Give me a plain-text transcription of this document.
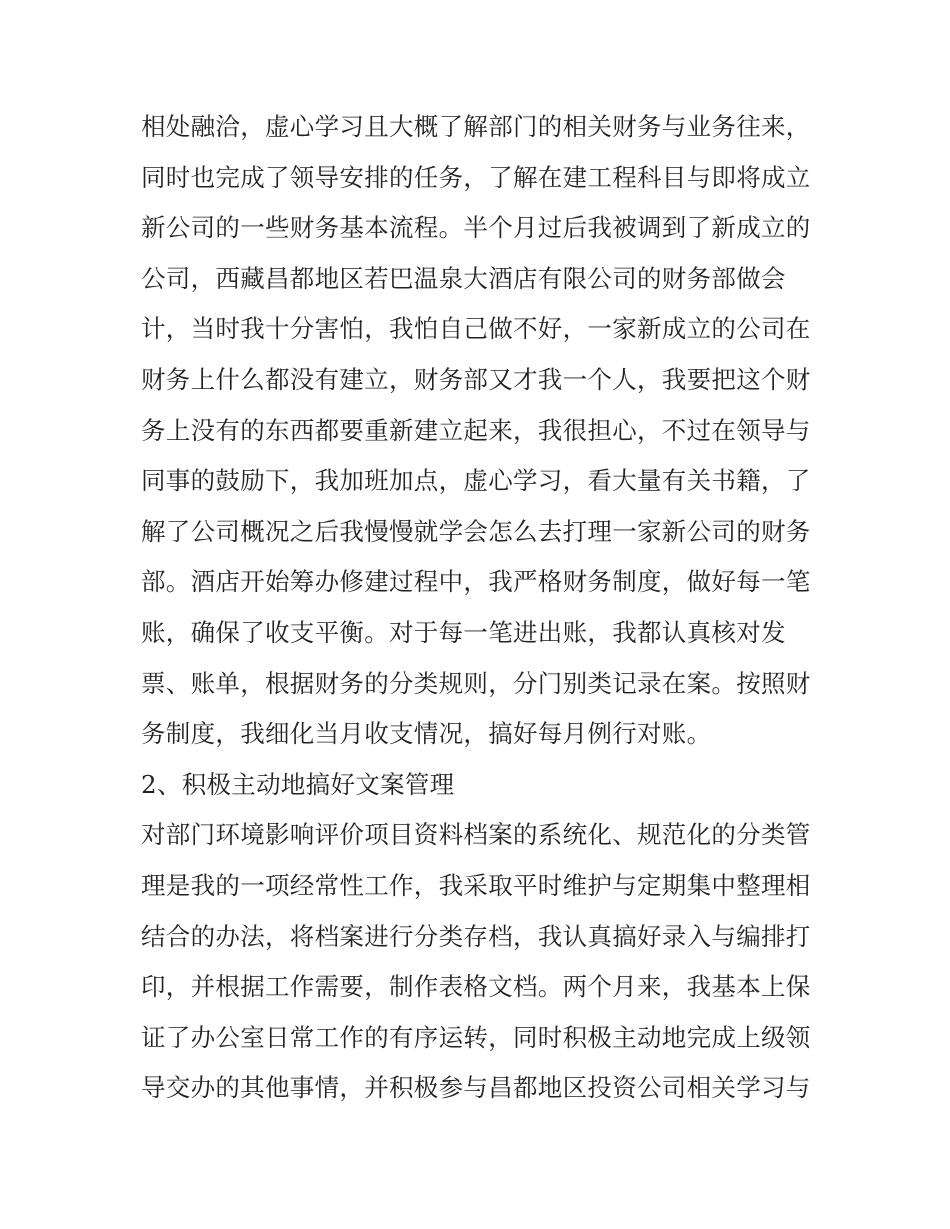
相处融洽，虚心学习且大概了解部门的相关财务与业务往来，
同时也完成了领导安排的任务，了解在建工程科目与即将成立
新公司的一些财务基本流程。半个月过后我被调到了新成立的
公司，西藏昌都地区若巴温泉大酒店有限公司的财务部做会
计，当时我十分害怕，我怕自己做不好，一家新成立的公司在
财务上什么都没有建立，财务部又才我一个人，我要把这个财
务上没有的东西都要重新建立起来，我很担心，不过在领导与
同事的鼓励下，我加班加点，虚心学习，看大量有关书籍，了
解了公司概况之后我慢慢就学会怎么去打理一家新公司的财务
部。酒店开始筹办修建过程中，我严格财务制度，做好每一笔
账，确保了收支平衡。对于每一笔进出账，我都认真核对发
票、账单，根据财务的分类规则，分门别类记录在案。按照财
务制度，我细化当月收支情况，搞好每月例行对账。
2、积极主动地搞好文案管理
对部门环境影响评价项目资料档案的系统化、规范化的分类管
理是我的一项经常性工作，我采取平时维护与定期集中整理相
结合的办法，将档案进行分类存档，我认真搞好录入与编排打
印，并根据工作需要，制作表格文档。两个月来，我基本上保
证了办公室日常工作的有序运转，同时积极主动地完成上级领
导交办的其他事情，并积极参与昌都地区投资公司相关学习与
